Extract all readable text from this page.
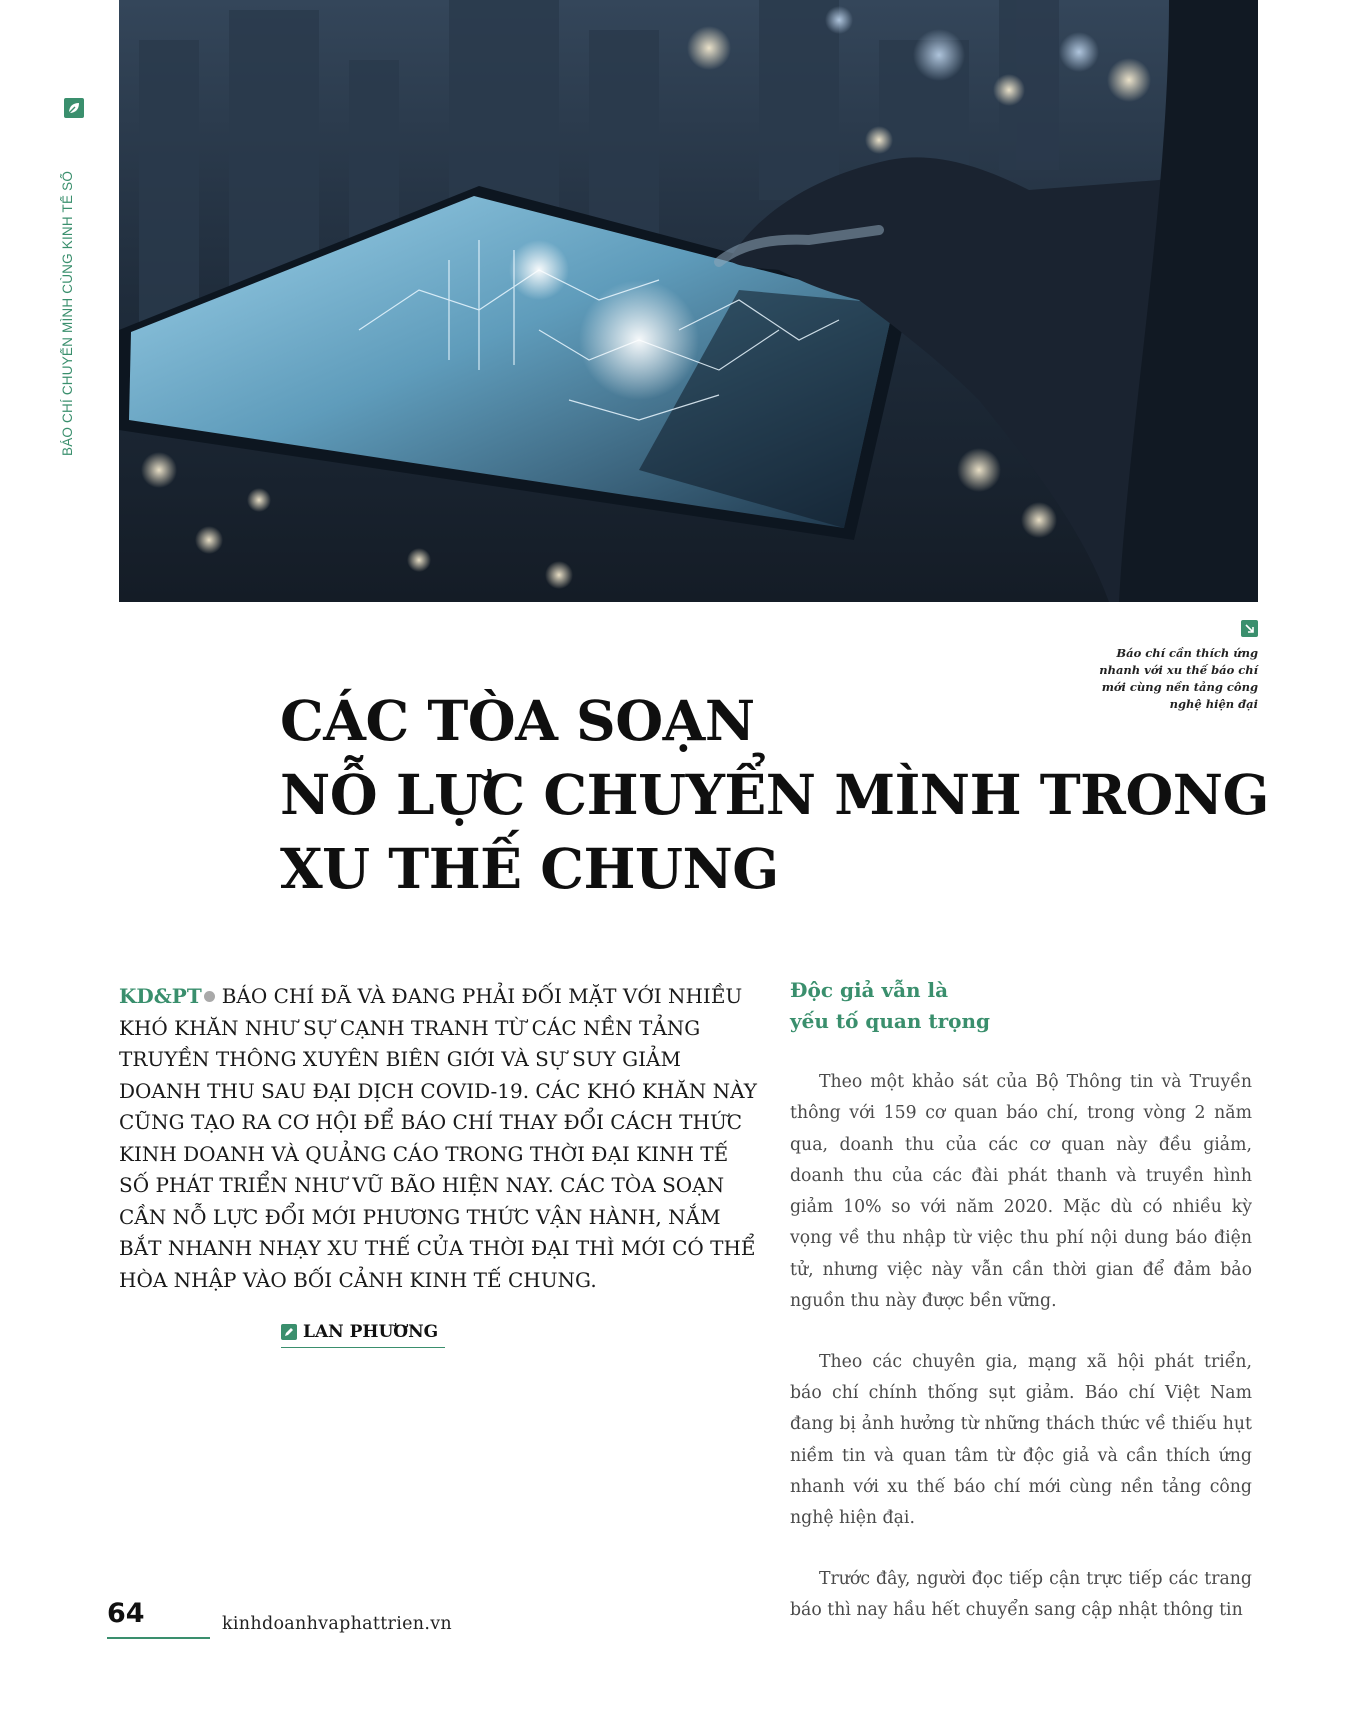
BÁO CHÍ CHUYỂN MÌNH CÙNG KINH TẾ SỐ
Báo chí cần thích ứng nhanh với xu thế báo chí mới cùng nền tảng công nghệ hiện đại
CÁC TÒA SOẠN
NỖ LỰC CHUYỂN MÌNH TRONG
XU THẾ CHUNG
KD&PT BÁO CHÍ ĐÃ VÀ ĐANG PHẢI ĐỐI MẶT VỚI NHIỀU KHÓ KHĂN NHƯ SỰ CẠNH TRANH TỪ CÁC NỀN TẢNG TRUYỀN THÔNG XUYÊN BIÊN GIỚI VÀ SỰ SUY GIẢM DOANH THU SAU ĐẠI DỊCH COVID-19. CÁC KHÓ KHĂN NÀY CŨNG TẠO RA CƠ HỘI ĐỂ BÁO CHÍ THAY ĐỔI CÁCH THỨC KINH DOANH VÀ QUẢNG CÁO TRONG THỜI ĐẠI KINH TẾ SỐ PHÁT TRIỂN NHƯ VŨ BÃO HIỆN NAY. CÁC TÒA SOẠN CẦN NỖ LỰC ĐỔI MỚI PHƯƠNG THỨC VẬN HÀNH, NẮM BẮT NHANH NHẠY XU THẾ CỦA THỜI ĐẠI THÌ MỚI CÓ THỂ HÒA NHẬP VÀO BỐI CẢNH KINH TẾ CHUNG.
LAN PHƯƠNG
Độc giả vẫn là
yếu tố quan trọng

Theo một khảo sát của Bộ Thông tin và Truyền thông với 159 cơ quan báo chí, trong vòng 2 năm qua, doanh thu của các cơ quan này đều giảm, doanh thu của các đài phát thanh và truyền hình giảm 10% so với năm 2020. Mặc dù có nhiều kỳ vọng về thu nhập từ việc thu phí nội dung báo điện tử, nhưng việc này vẫn cần thời gian để đảm bảo nguồn thu này được bền vững.

Theo các chuyên gia, mạng xã hội phát triển, báo chí chính thống sụt giảm. Báo chí Việt Nam đang bị ảnh hưởng từ những thách thức về thiếu hụt niềm tin và quan tâm từ độc giả và cần thích ứng nhanh với xu thế báo chí mới cùng nền tảng công nghệ hiện đại.

Trước đây, người đọc tiếp cận trực tiếp các trang báo thì nay hầu hết chuyển sang cập nhật thông tin

64	kinhdoanhvaphattrien.vn
